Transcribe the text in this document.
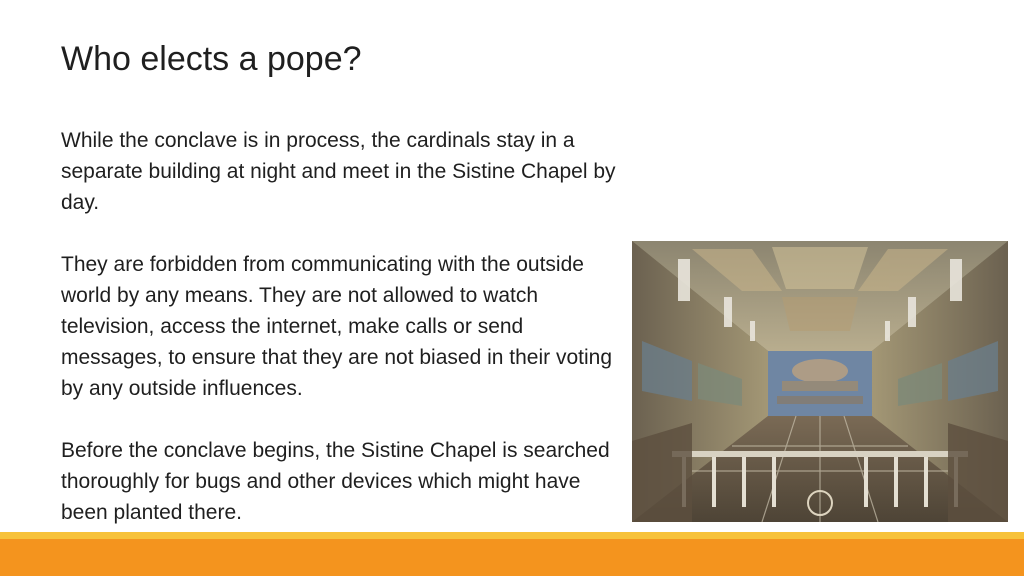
Who elects a pope?

While the conclave is in process, the cardinals stay in a separate building at night and meet in the Sistine Chapel by day.

They are forbidden from communicating with the outside world by any means. They are not allowed to watch television, access the internet, make calls or send messages, to ensure that they are not biased in their voting by any outside influences.

Before the conclave begins, the Sistine Chapel is searched thoroughly for bugs and other devices which might have been planted there.
